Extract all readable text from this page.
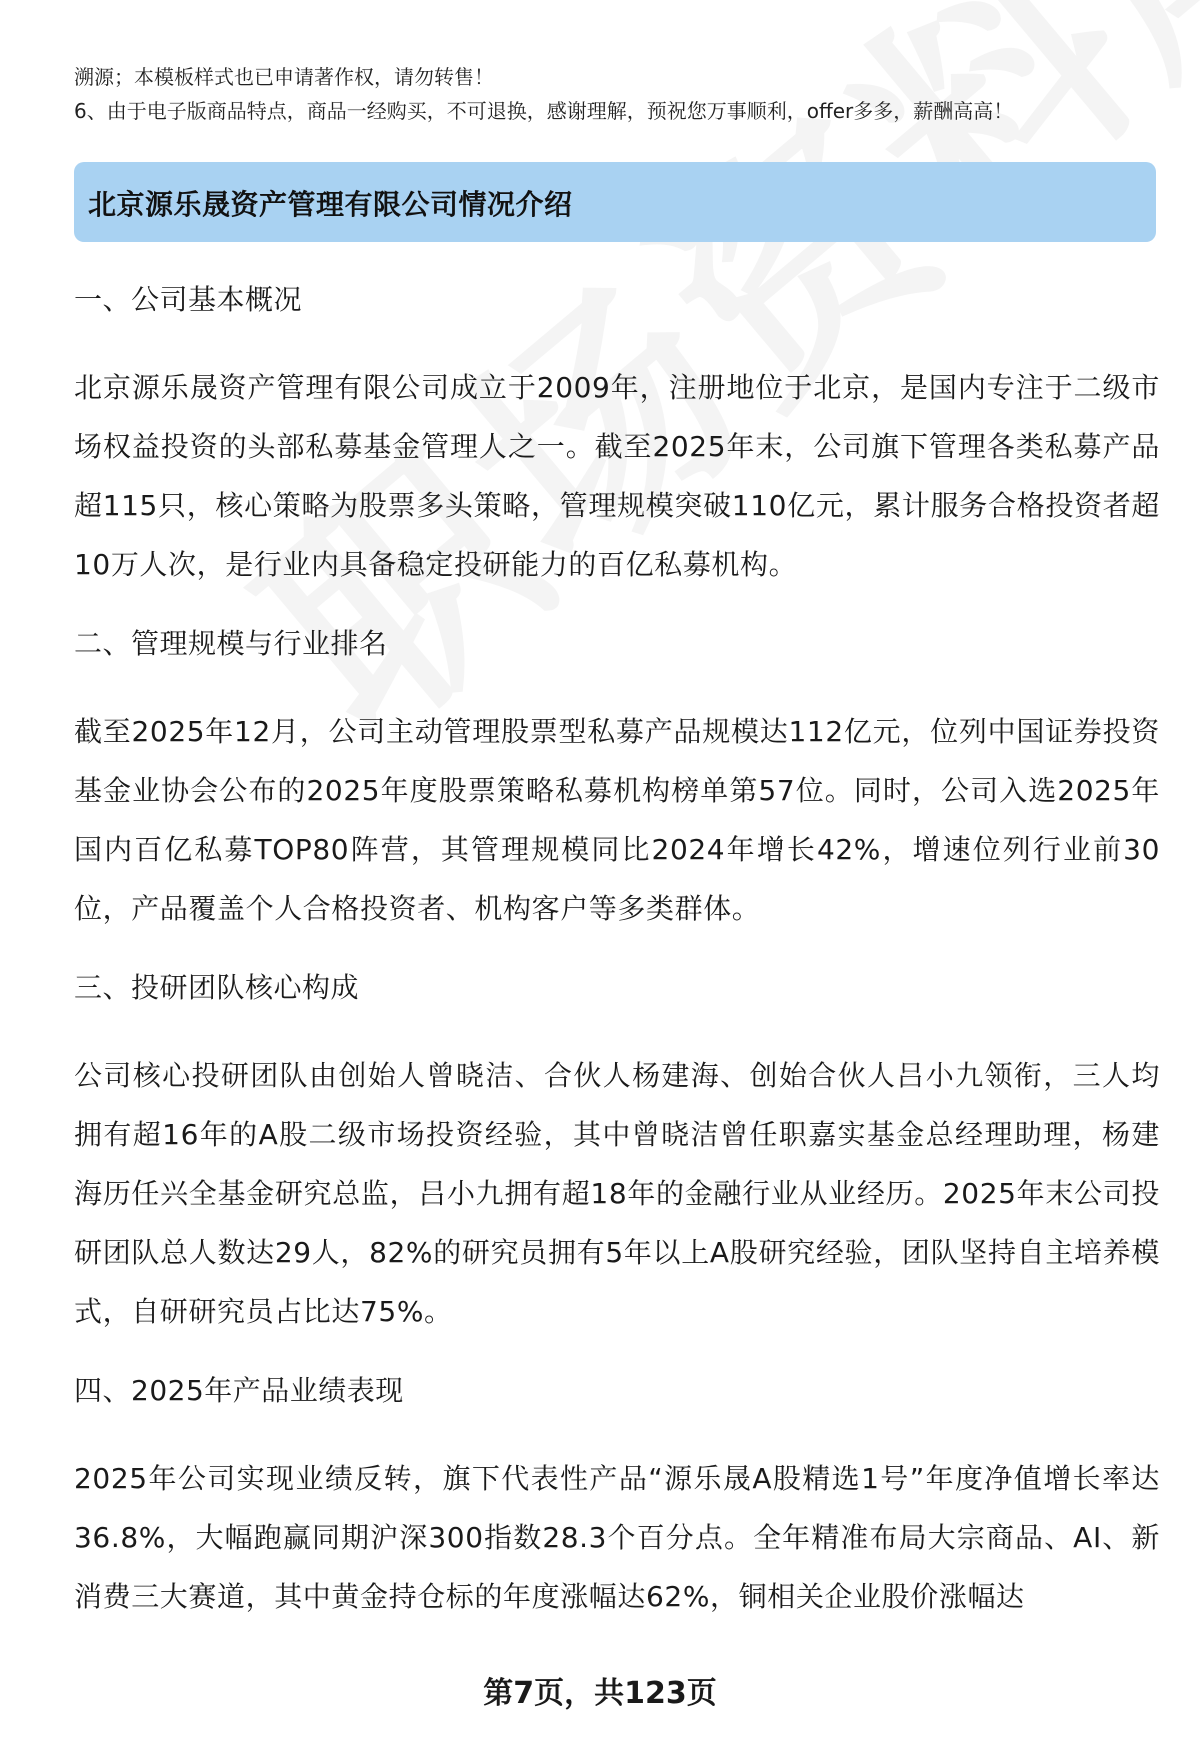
溯源；本模板样式也已申请著作权，请勿转售！
6、由于电子版商品特点，商品一经购买，不可退换，感谢理解，预祝您万事顺利，offer多多，薪酬高高！
北京源乐晟资产管理有限公司情况介绍
一、公司基本概况
北京源乐晟资产管理有限公司成立于2009年，注册地位于北京，是国内专注于二级市场权益投资的头部私募基金管理人之一。截至2025年末，公司旗下管理各类私募产品超115只，核心策略为股票多头策略，管理规模突破110亿元，累计服务合格投资者超10万人次，是行业内具备稳定投研能力的百亿私募机构。
二、管理规模与行业排名
截至2025年12月，公司主动管理股票型私募产品规模达112亿元，位列中国证券投资基金业协会公布的2025年度股票策略私募机构榜单第57位。同时，公司入选2025年国内百亿私募TOP80阵营，其管理规模同比2024年增长42%，增速位列行业前30位，产品覆盖个人合格投资者、机构客户等多类群体。
三、投研团队核心构成
公司核心投研团队由创始人曾晓洁、合伙人杨建海、创始合伙人吕小九领衔，三人均拥有超16年的A股二级市场投资经验，其中曾晓洁曾任职嘉实基金总经理助理，杨建海历任兴全基金研究总监，吕小九拥有超18年的金融行业从业经历。2025年末公司投研团队总人数达29人，82%的研究员拥有5年以上A股研究经验，团队坚持自主培养模式，自研研究员占比达75%。
四、2025年产品业绩表现
2025年公司实现业绩反转，旗下代表性产品“源乐晟A股精选1号”年度净值增长率达36.8%，大幅跑赢同期沪深300指数28.3个百分点。全年精准布局大宗商品、AI、新消费三大赛道，其中黄金持仓标的年度涨幅达62%，铜相关企业股价涨幅达
第7页，共123页
